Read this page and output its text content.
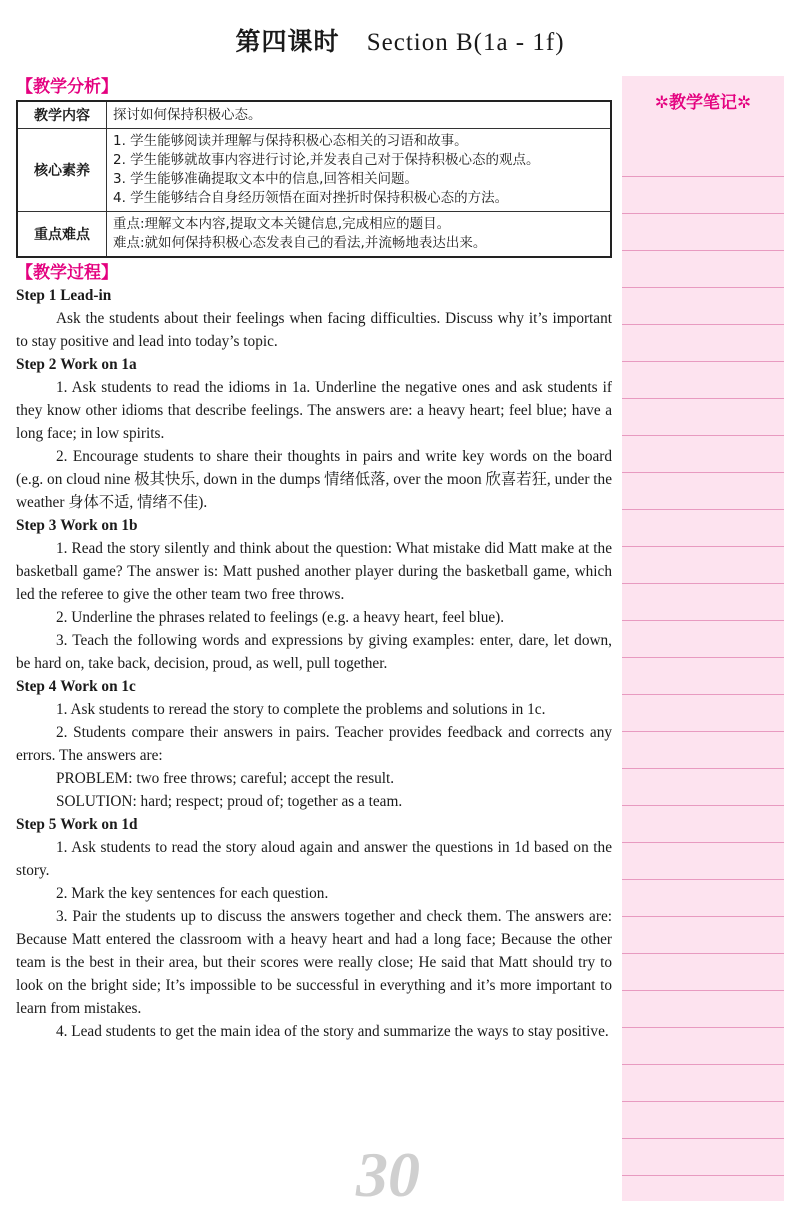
第四课时 Section B(1a - 1f)
30
【教学分析】
教学内容	探讨如何保持积极心态。

核心素养	1. 学生能够阅读并理解与保持积极心态相关的习语和故事。
2. 学生能够就故事内容进行讨论,并发表自己对于保持积极心态的观点。
3. 学生能够准确提取文本中的信息,回答相关问题。
4. 学生能够结合自身经历领悟在面对挫折时保持积极心态的方法。

重点难点	重点:理解文本内容,提取文本关键信息,完成相应的题目。
难点:就如何保持积极心态发表自己的看法,并流畅地表达出来。
【教学过程】
Step 1 Lead-in
Ask the students about their feelings when facing difficulties. Discuss why it’s important to stay positive and lead into today’s topic.
Step 2 Work on 1a
1. Ask students to read the idioms in 1a. Underline the negative ones and ask students if they know other idioms that describe feelings. The answers are: a heavy heart; feel blue; have a long face; in low spirits.
2. Encourage students to share their thoughts in pairs and write key words on the board (e.g. on cloud nine 极其快乐, down in the dumps 情绪低落, over the moon 欣喜若狂, under the weather 身体不适, 情绪不佳).
Step 3 Work on 1b
1. Read the story silently and think about the question: What mistake did Matt make at the basketball game? The answer is: Matt pushed another player during the basketball game, which led the referee to give the other team two free throws.
2. Underline the phrases related to feelings (e.g. a heavy heart, feel blue).
3. Teach the following words and expressions by giving examples: enter, dare, let down, be hard on, take back, decision, proud, as well, pull together.
Step 4 Work on 1c
1. Ask students to reread the story to complete the problems and solutions in 1c.
2. Students compare their answers in pairs. Teacher provides feedback and corrects any errors. The answers are:
PROBLEM: two free throws; careful; accept the result.
SOLUTION: hard; respect; proud of; together as a team.
Step 5 Work on 1d
1. Ask students to read the story aloud again and answer the questions in 1d based on the story.
2. Mark the key sentences for each question.
3. Pair the students up to discuss the answers together and check them. The answers are: Because Matt entered the classroom with a heavy heart and had a long face; Because the other team is the best in their area, but their scores were really close; He said that Matt should try to look on the bright side; It’s impossible to be successful in everything and it’s more important to learn from mistakes.
4. Lead students to get the main idea of the story and summarize the ways to stay positive.
✲教学笔记✲
